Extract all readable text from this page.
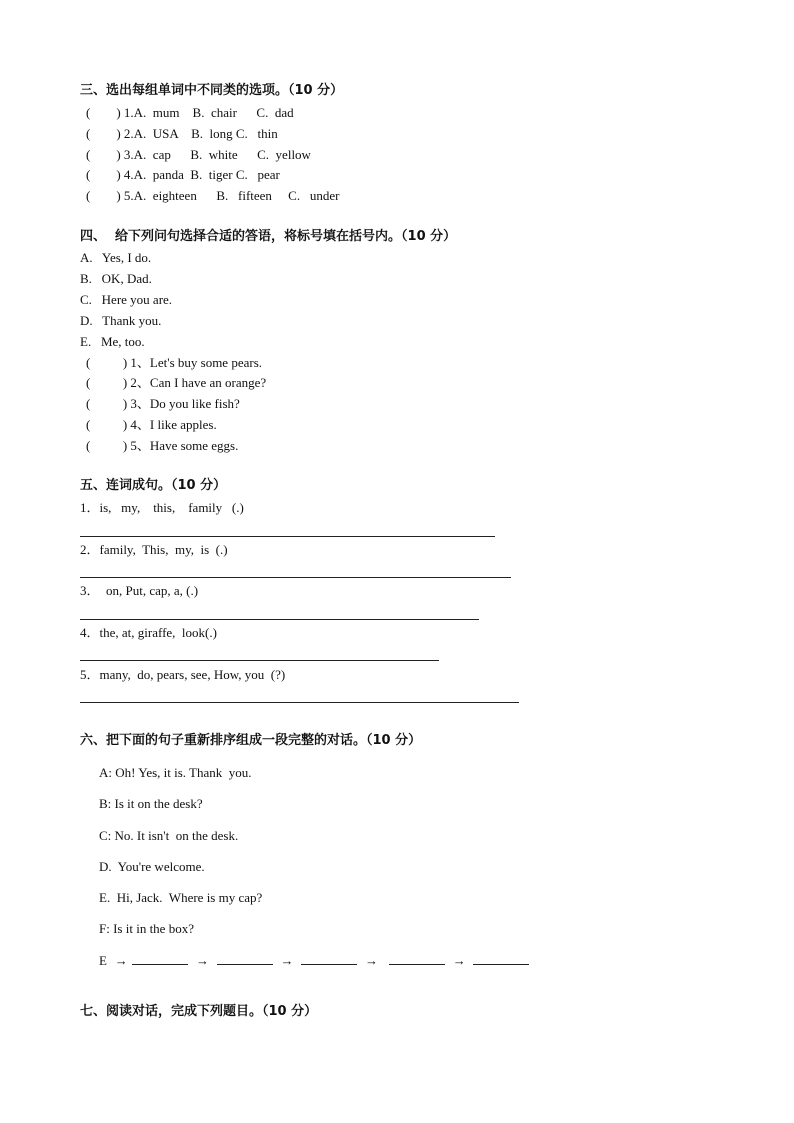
三、选出每组单词中不同类的选项。（10 分）
(　　) 1.A.  mum    B.  chair      C.  dad
(　　) 2.A.  USA    B.  long C.   thin
(　　) 3.A.  cap      B.  white      C.  yellow
(　　) 4.A.  panda  B.  tiger C.   pear
(　　) 5.A.  eighteen      B.   fifteen     C.   under
四、  给下列问句选择合适的答语，将标号填在括号内。（10 分）
A.   Yes, I do.
B.   OK, Dad.
C.   Here you are.
D.   Thank you.
E.   Me, too.
(　　  ) 1、Let's buy some pears.
(　　  ) 2、Can I have an orange?
(　　  ) 3、Do you like fish?
(　　  ) 4、I like apples.
(　　  ) 5、Have some eggs.
五、连词成句。（10 分）
1．is,   my,    this,    family   (.)
2．family,  This,  my,  is  (.)
3．  on, Put, cap, a, (.)
4．the, at, giraffe,  look(.)
5．many,  do, pears, see, How, you  (?)
六、把下面的句子重新排序组成一段完整的对话。（10 分）
A: Oh! Yes, it is. Thank  you.
B: Is it on the desk?
C: No. It isn't  on the desk.
D.  You're welcome.
E.  Hi, Jack.  Where is my cap?
F: Is it in the box?
E →	→	→	→	→
七、阅读对话，完成下列题目。（10 分）
